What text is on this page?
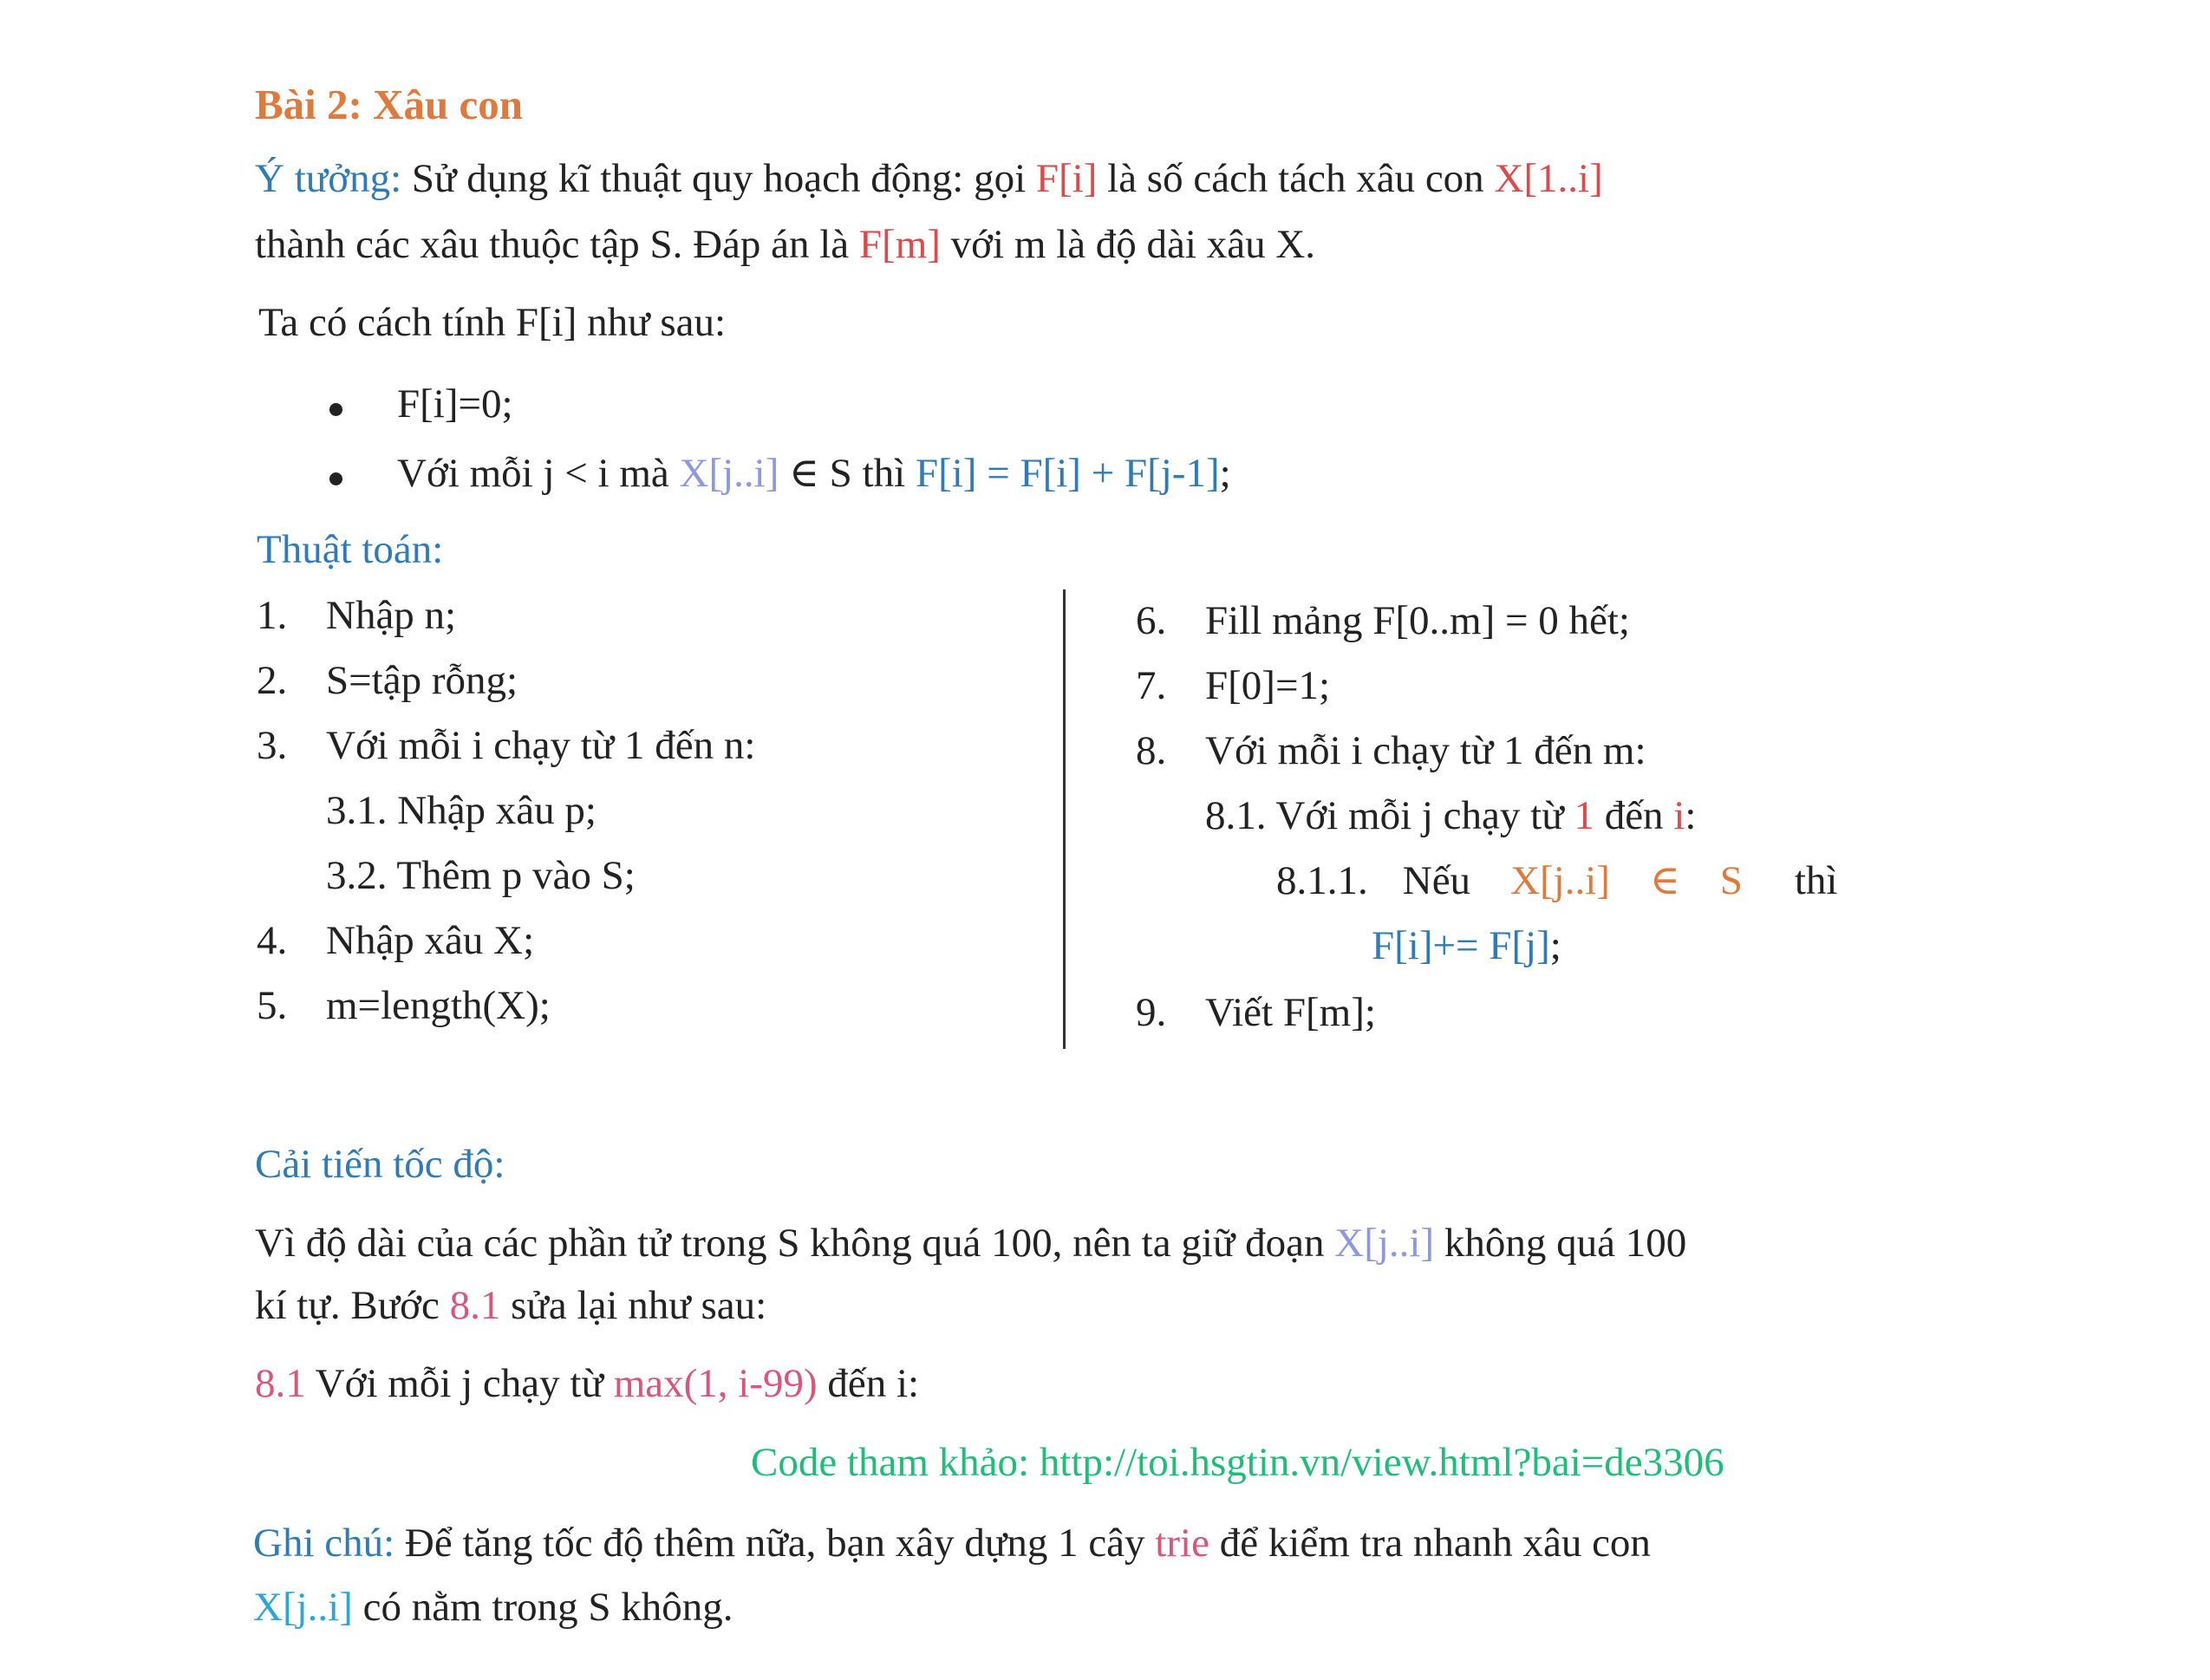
Bài 2: Xâu con
Ý tưởng: Sử dụng kĩ thuật quy hoạch động: gọi F[i] là số cách tách xâu con X[1..i]
thành các xâu thuộc tập S. Đáp án là F[m] với m là độ dài xâu X.
Ta có cách tính F[i] như sau:
F[i]=0;
Với mỗi j < i mà X[j..i] ∈ S thì F[i] = F[i] + F[j-1];
Thuật toán:
1. Nhập n;
2. S=tập rỗng;
3. Với mỗi i chạy từ 1 đến n:
3.1. Nhập xâu p;
3.2. Thêm p vào S;
4. Nhập xâu X;
5. m=length(X);
6. Fill mảng F[0..m] = 0 hết;
7. F[0]=1;
8. Với mỗi i chạy từ 1 đến m:
8.1. Với mỗi j chạy từ 1 đến i:
8.1.1. Nếu X[j..i] ∈ S thì
F[i]+= F[j];
9. Viết F[m];
Cải tiến tốc độ:
Vì độ dài của các phần tử trong S không quá 100, nên ta giữ đoạn X[j..i] không quá 100
kí tự. Bước 8.1 sửa lại như sau:
8.1 Với mỗi j chạy từ max(1, i-99) đến i:
Code tham khảo: http://toi.hsgtin.vn/view.html?bai=de3306
Ghi chú: Để tăng tốc độ thêm nữa, bạn xây dựng 1 cây trie để kiểm tra nhanh xâu con
X[j..i] có nằm trong S không.
